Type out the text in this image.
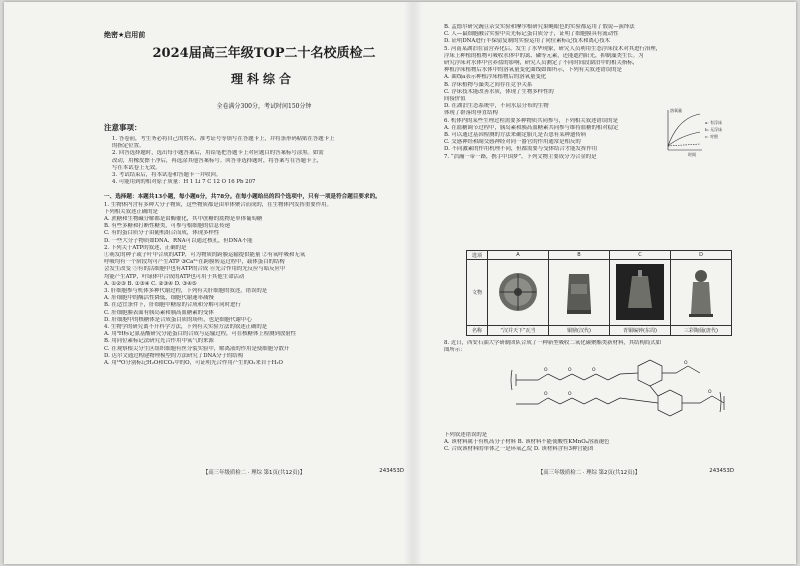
绝密★启用前
2024届高三年级TOP二十名校质检二
理科综合
全卷满分300分，考试时间150分钟
注意事项：
1. 答卷前，考生务必将自己的姓名、准考证号等填写在答题卡上，并将条形码粘贴在答题卡上
的指定位置。
2. 回答选择题时，选出每小题答案后，用铅笔把答题卡上对应题目的答案标号涂黑。如需
改动，用橡皮擦干净后，再选涂其他答案标号。回答非选择题时，将答案写在答题卡上，
写在本试卷上无效。
3. 考试结束后，将本试卷和答题卡一并收回。
4. 可能用到的相对原子质量：H 1 Li 7 C 12 O 16 Pb 207
一、选择题：本题共13小题，每小题6分，共78分。在每小题给出的四个选项中，只有一项是符合题目要求的。
1. 生物体内含有多种大分子物质，这些物质都是由单体聚合而成的，在生物体内发挥重要作用。
下列相关叙述正确的是
A. 蔗糖和生物碱分解都是由酶催化，其中蔗糖的底物是单体葡萄糖
B. 有些多糖和打断性糖类，可参与根细胞的信息传递
C. 有的蛋白质分子由随机组合而成，体现多样性
D. 一些大分子物质如DNA、RNA可以通过核孔，但DNA不能
2. 下列关于ATP的叙述，正确的是
①萌发的种子或子叶中合成的ATP，可为物质的跨膜运输提供能量 ②有氧呼吸和无氧
呼吸均有一个阶段均可产生ATP ③Ca²⁺在跨膜转运过程中，载体蛋白的结构
会发生改变 ⑤有的活细胞中也有ATP的合成 ⑥光合作用的光反应与暗反应中
均能产生ATP，叶绿体中合成的ATP也可用于其他生命活动
A. ①②③ B. ①③④ C. ②③④ D. ③④⑤
3. 肝细胞参与机体多种代谢过程，下列有关肝细胞的叙述，错误的是
A. 肝细胞中的酶活性降低，细胞代谢速率减慢
B. 在适宜条件下，肝细胞中糖原的合成和分解可同时进行
C. 肝细胞膜表面有胰岛素和胰高血糖素的受体
D. 肝细胞中的核糖体是合成蛋白质的场所，也是细胞代谢中心
4. 生物学的研究离不开科学方法，下列有关实验方法的叙述正确的是
A. 用³H标记氨基酸研究分泌蛋白的合成与运输过程，可在核糖体上检测到放射性
B. 用同位素标记法研究光合作用中氧气的来源
C. 在观察根尖分生区组织细胞有丝分裂实验中，解离液的作用是使细胞分散开
D. 达尔文通过构建物理模型的方法研究了DNA分子的结构
A. 用¹⁸O分别标记H₂O和CO₂中的O，可证明光合作用产生的O₂来自于H₂O
【高三年级质检二 · 理综 第1页(共12页)】	243453D
B. 孟德尔研究豌豆杂交实验和摩尔根研究果蝇眼色的实验都运用了假说—演绎法
C. 人—鼠细胞融合实验中荧光标记蛋白质分子，证明了细胞膜具有流动性
D. 证明DNA进行半保留复制的实验运用了同位素标记技术和离心技术
5. 河南某湖泊在富营养化后，发生了水华现象，研究人员利用生态浮床技术对其进行治理，
浮床上种植的植物可吸收水体中的氮、磷等元素，还能遮挡阳光，抑制藻类生长。为
研究浮床对水体中营养盐的影响，研究人员测定了不同时间段湖泊中的相关指标，
种植浮床植物后水体中的溶氧量变化曲线如图所示，下列有关叙述错误的是
A. 曲线a表示种植浮床植物后的溶氧量变化
B. 浮床植物与藻类之间存在竞争关系
C. 浮床技术能改善水质，体现了生物多样性的
间接价值
D. 在湖泊生态系统中，不同水层分布的生物
体现了群落的垂直结构
6. 机体内的某些生理过程需要多种物质共同参与，下列相关叙述错误的是
A. 在血糖调节过程中，胰岛素和胰高血糖素共同参与维持血糖的相对稳定
B. 可以通过基因检测的方法来确定胎儿是否患有某种遗传病
C. 交感神经和副交感神经对同一器官的作用通常是相反的
D. 不同激素的作用机理不同，但都需要与受体结合才能发挥作用
7. “浩瀚一带一路，携手中国梦”。下列文物主要成分为合金的是
溶氧量
时间
a: 有浮床
b: 无浮床
c: 对照
选项	A	B	C	D
文物				
名称	“汉并天下”瓦当	铜鼎(汉代)	青铜编钟(东周)	三彩陶俑(唐代)
8. 近日，西安石油大学研制团队合成了一种新型吸收二氧化碳聚酯类新材料，其结构简式如
图所示：
O	O	O
O
O	O	O
下列叙述错误的是
A. 该材料属于有机高分子材料 B. 该材料不能使酸性KMnO₄溶液褪色
C. 合成该材料的单体之一是环氧乙烷 D. 该材料含有3种官能团
【高三年级质检二 · 理综 第2页(共12页)】	243453D
